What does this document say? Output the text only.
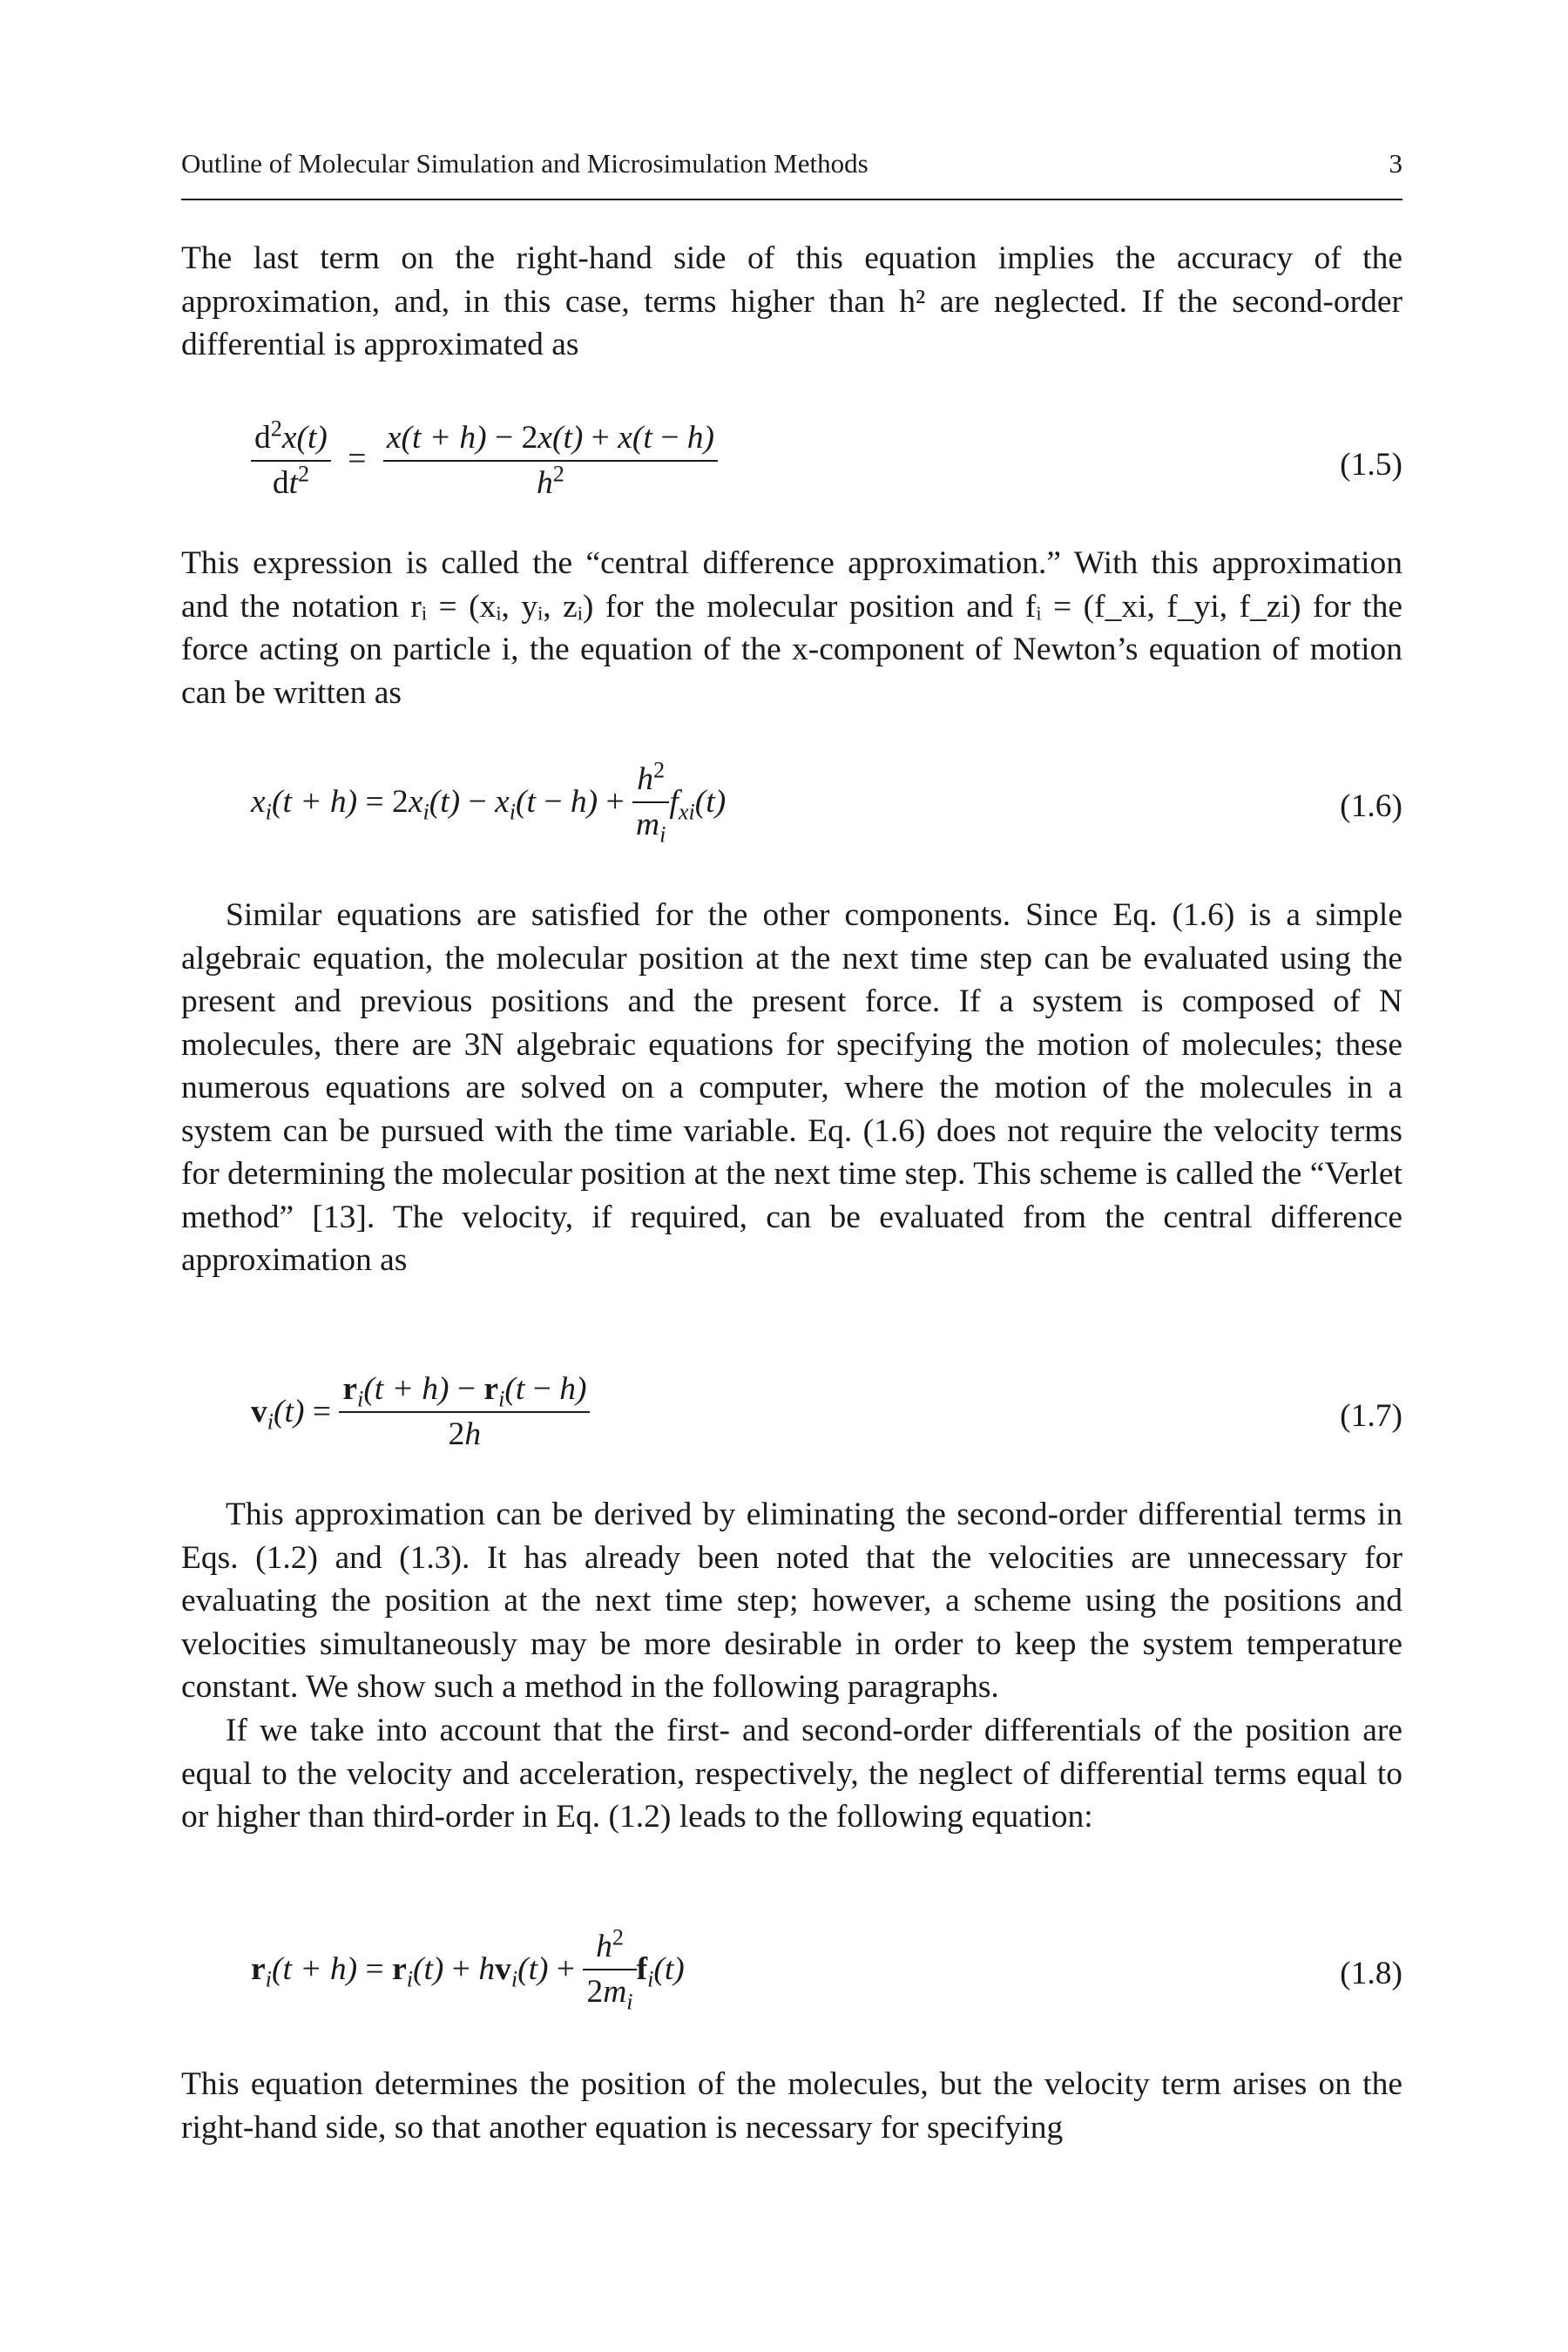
Outline of Molecular Simulation and Microsimulation Methods	3

The last term on the right-hand side of this equation implies the accuracy of the approximation, and, in this case, terms higher than h² are neglected. If the second-order differential is approximated as

$\frac{d^2x(t)}{dt^2} = \frac{x(t + h) - 2x(t) + x(t - h)}{h^2}$	(1.5)

This expression is called the “central difference approximation.” With this approximation and the notation rᵢ = (xᵢ, yᵢ, zᵢ) for the molecular position and fᵢ = (f_xi, f_yi, f_zi) for the force acting on particle i, the equation of the x-component of Newton’s equation of motion can be written as

$x_i(t + h) = 2x_i(t) - x_i(t - h) + \frac{h^2}{m_i} f_{xi}(t)$	(1.6)

Similar equations are satisfied for the other components. Since Eq. (1.6) is a simple algebraic equation, the molecular position at the next time step can be evaluated using the present and previous positions and the present force. If a system is composed of N molecules, there are 3N algebraic equations for specifying the motion of molecules; these numerous equations are solved on a computer, where the motion of the molecules in a system can be pursued with the time variable. Eq. (1.6) does not require the velocity terms for determining the molecular position at the next time step. This scheme is called the “Verlet method” [13]. The velocity, if required, can be evaluated from the central difference approximation as

$v_i(t) = \frac{r_i(t + h) - r_i(t - h)}{2h}$	(1.7)

This approximation can be derived by eliminating the second-order differential terms in Eqs. (1.2) and (1.3). It has already been noted that the velocities are unnecessary for evaluating the position at the next time step; however, a scheme using the positions and velocities simultaneously may be more desirable in order to keep the system temperature constant. We show such a method in the following paragraphs.

If we take into account that the first- and second-order differentials of the position are equal to the velocity and acceleration, respectively, the neglect of differential terms equal to or higher than third-order in Eq. (1.2) leads to the following equation:

$r_i(t + h) = r_i(t) + hv_i(t) + \frac{h^2}{2m_i} f_i(t)$	(1.8)

This equation determines the position of the molecules, but the velocity term arises on the right-hand side, so that another equation is necessary for specifying
